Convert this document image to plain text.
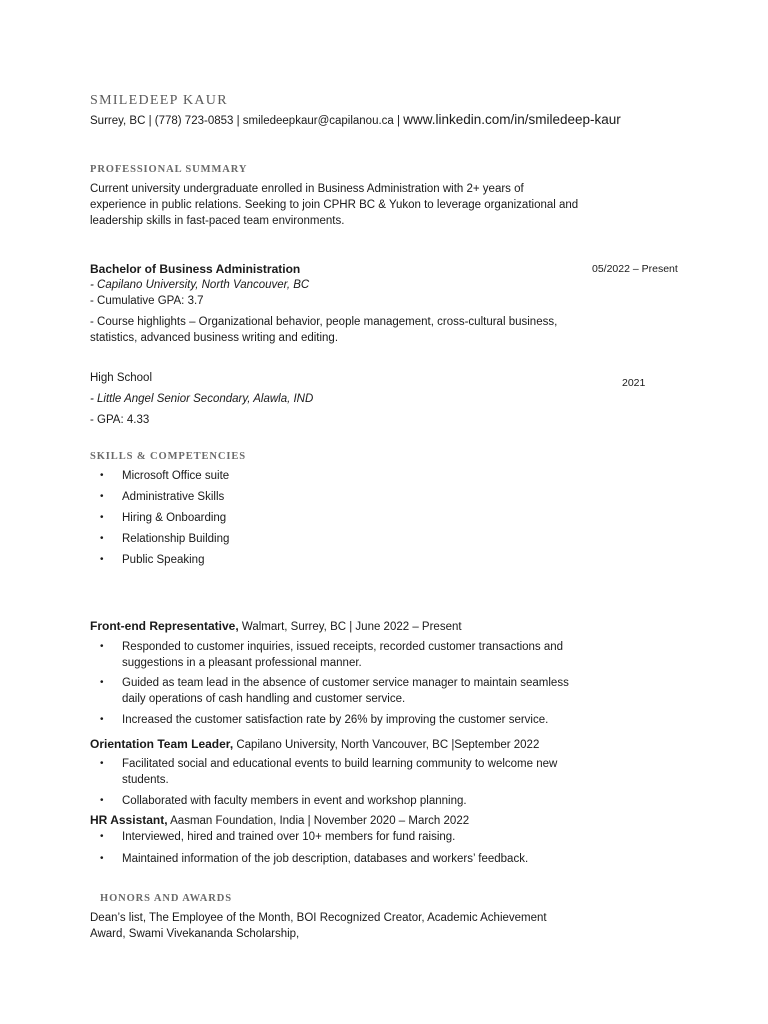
SMILEDEEP KAUR
Surrey, BC | (778) 723-0853 | smiledeepkaur@capilanou.ca | www.linkedin.com/in/smiledeep-kaur
PROFESSIONAL SUMMARY
Current university undergraduate enrolled in Business Administration with 2+ years of
experience in public relations. Seeking to join CPHR BC & Yukon to leverage organizational and
leadership skills in fast-paced team environments.
Bachelor of Business Administration	05/2022 – Present
- Capilano University, North Vancouver, BC
- Cumulative GPA: 3.7
- Course highlights – Organizational behavior, people management, cross-cultural business,
statistics, advanced business writing and editing.
High School	2021
- Little Angel Senior Secondary, Alawla, IND
- GPA: 4.33
SKILLS & COMPETENCIES
• Microsoft Office suite
• Administrative Skills
• Hiring & Onboarding
• Relationship Building
• Public Speaking
Front-end Representative, Walmart, Surrey, BC | June 2022 – Present
• Responded to customer inquiries, issued receipts, recorded customer transactions and
suggestions in a pleasant professional manner.
• Guided as team lead in the absence of customer service manager to maintain seamless
daily operations of cash handling and customer service.
• Increased the customer satisfaction rate by 26% by improving the customer service.
Orientation Team Leader, Capilano University, North Vancouver, BC |September 2022
• Facilitated social and educational events to build learning community to welcome new
students.
• Collaborated with faculty members in event and workshop planning.
HR Assistant, Aasman Foundation, India | November 2020 – March 2022
• Interviewed, hired and trained over 10+ members for fund raising.
• Maintained information of the job description, databases and workers’ feedback.
HONORS AND AWARDS
Dean’s list, The Employee of the Month, BOI Recognized Creator, Academic Achievement
Award, Swami Vivekananda Scholarship,
